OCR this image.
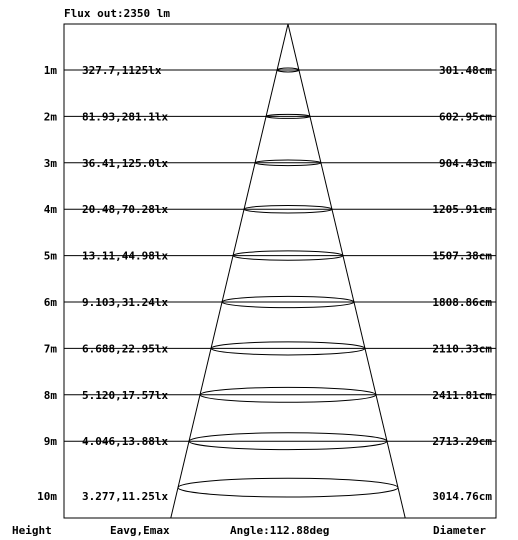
Flux out:2350 lm
1m 327.7,1125lx	301.48cm
2m 81.93,281.1lx	602.95cm
3m 36.41,125.0lx	904.43cm
4m 20.48,70.28lx	1205.91cm
5m 13.11,44.98lx	1507.38cm
6m 9.103,31.24lx	1808.86cm
7m 6.688,22.95lx	2110.33cm
8m 5.120,17.57lx	2411.81cm
9m 4.046,13.88lx	2713.29cm
10m 3.277,11.25lx	3014.76cm
Height	Eavg,Emax	Angle:112.88deg	Diameter
